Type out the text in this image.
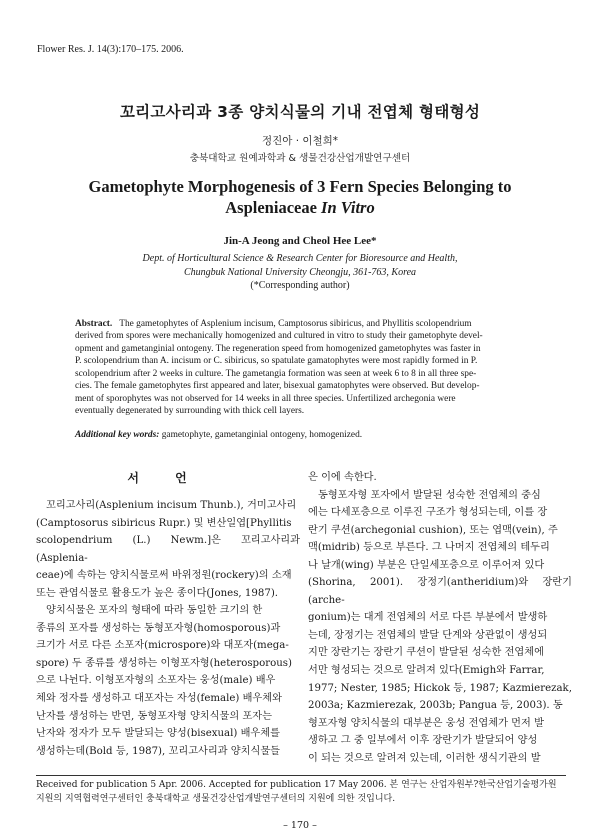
Flower Res. J. 14(3):170–175. 2006.
꼬리고사리과 3종 양치식물의 기내 전엽체 형태형성
정진아 · 이철희*
충북대학교 원예과학과 & 생물건강산업개발연구센터
Gametophyte Morphogenesis of 3 Fern Species Belonging to
Aspleniaceae In Vitro
Jin-A Jeong and Cheol Hee Lee*
Dept. of Horticultural Science & Research Center for Bioresource and Health,
Chungbuk National University Cheongju, 361-763, Korea
(*Corresponding author)
Abstract. The gametophytes of Asplenium incisum, Camptosorus sibiricus, and Phyllitis scolopendrium
derived from spores were mechanically homogenized and cultured in vitro to study their gametophyte devel-
opment and gametanginial ontogeny. The regeneration speed from homogenized gametophytes was faster in
P. scolopendrium than A. incisum or C. sibiricus, so spatulate gamatophytes were most rapidly formed in P.
scolopendrium after 2 weeks in culture. The gametangia formation was seen at week 6 to 8 in all three spe-
cies. The female gametophytes first appeared and later, bisexual gamatophytes were observed. But develop-
ment of sporophytes was not observed for 14 weeks in all three species. Unfertilized archegonia were
eventually degenerated by surrounding with thick cell layers.
Additional key words: gametophyte, gametanginial ontogeny, homogenized.
서 언

꼬리고사리(Asplenium incisum Thunb.), 거미고사리

(Camptosorus sibiricus Rupr.) 및 변산일엽[Phyllitis

scolopendrium (L.) Newm.]은 꼬리고사리과(Asplenia-

ceae)에 속하는 양치식물로써 바위정원(rockery)의 소재

또는 관엽식물로 활용도가 높은 종이다(Jones, 1987).

양치식물은 포자의 형태에 따라 동일한 크기의 한

종류의 포자를 생성하는 동형포자형(homosporous)과

크기가 서로 다른 소포자(microspore)와 대포자(mega-

spore) 두 종류를 생성하는 이형포자형(heterosporous)

으로 나뉜다. 이형포자형의 소포자는 웅성(male) 배우

체와 정자를 생성하고 대포자는 자성(female) 배우체와

난자를 생성하는 반면, 동형포자형 양치식물의 포자는

난자와 정자가 모두 발달되는 양성(bisexual) 배우체를

생성하는데(Bold 등, 1987), 꼬리고사리과 양치식물들

은 이에 속한다.

동형포자형 포자에서 발달된 성숙한 전엽체의 중심

에는 다세포층으로 이루진 구조가 형성되는데, 이를 장

란기 쿠션(archegonial cushion), 또는 엽맥(vein), 주

맥(midrib) 등으로 부른다. 그 나머지 전엽체의 테두리

나 날개(wing) 부분은 단일세포층으로 이루어져 있다

(Shorina, 2001). 장정기(antheridium)와 장란기(arche-

gonium)는 대게 전엽체의 서로 다른 부분에서 발생하

는데, 장정기는 전엽체의 발달 단계와 상관없이 생성되

지만 장란기는 장란기 쿠션이 발달된 성숙한 전엽체에

서만 형성되는 것으로 알려져 있다(Emigh와 Farrar,

1977; Nester, 1985; Hickok 등, 1987; Kazmierezak,

2003a; Kazmierezak, 2003b; Pangua 등, 2003). 동

형포자형 양치식물의 대부분은 웅성 전엽체가 먼저 발

생하고 그 중 일부에서 이후 장란기가 발달되어 양성

이 되는 것으로 알려져 있는데, 이러한 생식기관의 발

Received for publication 5 Apr. 2006. Accepted for publication 17 May 2006. 본 연구는 산업자원부?한국산업기술평가원
지원의 지역협력연구센터인 충북대학교 생물건강산업개발연구센터의 지원에 의한 것입니다.
– 170 –
